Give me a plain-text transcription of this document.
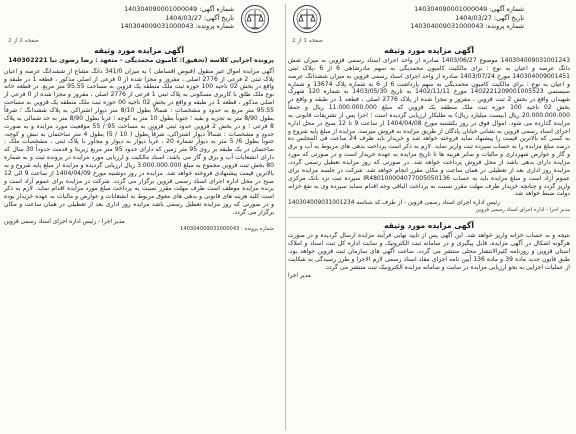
شماره آگهی: 140304090001000049
تاریخ آگهی: 1404/03/27
شماره پرونده: 140304009031000043
صفحه 1 از 2
آگهی مزایده مورد وثیقه

140304009031001243 موضوع 1403/06/27 صادره از واحد اجرای اسناد رسمی قزوین به میزان شش دانگ عرصه و اعیان به نوع : برای مالکیت کامیون محمدیگی به سهم مادرشاهی 6 از 6 ،پلاک ثبتی 140304009001451 مورخ 1403/07/24 صادره از واحد اجرای اسناد رسمی قزوین به میزان ششدانگ عرصه و اعیان به نوع : برای مالکیت کامیون محمدیگی به سهم پارداشت 6 از 6 به شماره پلاک 13674 و شماره سیستمی 1402221209001005523 مورخ 1402/11/11 به تاریخ 1403/05/30 به شماره 120 شهرک شهیدان واقع در بخش 2 ثبت قزوین ، مفروز و مجزا شده از پلاک 2776 اصلی ، قطعه 1 در طبقه و واقع در بخش 02 ناحیه 100 حوزه ثبت ملک منطقه یک قزوین که مبلغ 11.000.000.000 ریال و جمعاً 20.000.000.000 ریال (بیست میلیارد ریال) به طلبکار ارزیابی گردیده است ؛ اجرا پس از تشریفات قانونی به مزایده گذارده می شود. اموال فوق در روز یکشنبه مورخ 1404/04/08 از ساعت 9 تا 12 صبح در محل اداره اجرای اسناد رسمی قزوین به نشانی خیابان پادگان از طریق مزایده به فروش میرسد. مزایده از مبلغ پایه شروع و به کسی که بالاترین قیمت را پیشنهاد نماید فروخته خواهد شد و خریدار باید ظرف 24 ساعت فی المجلس ده درصد مبلغ مزایده را به حساب سپرده ثبت واریز نماید. لازم به ذکر است پرداخت بدهی های مربوط به آب و برق و گاز و عوارض شهرداری و مالیات و سایر هزینه ها تا تاریخ مزایده به عهده خریدار است و در صورتی که مورد مزایده دارای بدهی باشد از محل فروش پرداخت خواهد شد. در صورتی که روز مزایده تعطیل رسمی گردد، مزایده روز اداری بعد از تعطیلی در همان ساعت و مکان مقرر انجام خواهد شد. شرکت در جلسه مزایده برای عموم آزاد است و مبلغ مزایده باید به حساب IR480100004077005050136 سپرده ثبت نزد بانک مرکزی واریز گردد و چنانچه خریدار ظرف مهلت مقرر نسبت به پرداخت الباقی وجه اقدام ننماید سپرده وی به نفع خزانه دولت ضبط خواهد شد.

رئیس اداره اجرای اسناد رسمی قزوین - از طرف کد شناسه 140304009031001234
مدیر اجرا - اداره اجرای اسناد رسمی قزوین
آگهی مزایده مورد وثیقه

نتیجه و به حساب خزانه واریز خواهد شد. این آگهی پس از تایید نهایی فرآیند مزایده ارسال گردیده و در صورت هرگونه اشکال در آگهی مزایده، قابل پیگیری و در سامانه ثبت الکترونیک و سایت اداره کل ثبت اسناد و املاک استان قزوین و روزنامه کثیرالانتشار محلی منتشر می گردد. ساعت آگهی های سازمان ثبت قزوین خواهد بود. طبق قانون جدید ماده 39 و ماده 136 آیین نامه اجرای مفاد اسناد رسمی لازم الاجرا و طرز رسیدگی به شکایت از عملیات اجرایی به نحو ارزیابی مزایده در سایت و سامانه مزایده الکترونیک ثبت منتشر می گردد.

مدیر اجرا
شماره آگهی: 140304090001000049
تاریخ آگهی: 1404/03/27
شماره پرونده: 140304009031000043
صفحه 2 از 2
آگهی مزایده مورد وثیقه
پرونده اجرایی کلاسه (تحقیق): کامیون محمدیگی - متعهد : رضا رضوی نیا 140302221

آگهی مزایده اموال غیر منقول (قبوض اقساطی ) به میزان 341/0 دانگ مشاع از ششدانگ عرصه و اعیان پلاک ثبتی 2 فرعی از 2776 اصلی ، مفروز و مجزا شده از 0 فرعی از اصلی مذکور ، قطعه 1 در طبقه و واقع در بخش 02 ناحیه 100 حوزه ثبت ملک منطقه یک قزوین به مساحت 95.55 متر مربع. در قطعه خانه نوع ملک طلق با کاربری مسکونی به پلاک ثبتی 1 فرعی از 2776 اصلی ، مفروز و مجزا شده از 0 فرعی از اصلی مذکور ، قطعه 1 در طبقه و واقع در بخش 02 ناحیه 00 حوزه ثبت ملک منطقه یک قزوین به مساحت 95.55 متر مربع به حدود و مشخصات : شمالاً بطول 8/10 متر دیوار اشتراکی به پلاک ششدانگ ؛ شرقاً بطول 8/90 متر به تجزیه و بقیه ؛ جنوباً بطول 10 متر به کوچه ؛ غرباً بطول 8/90 متر به حد شمالی به پلاک 8 فرعی ؛ و در بخش 2 قزوین حدود ثبتی قزوین به مساحت 95 / 55 موقعیت مورد مزایده و به صورت حدود و مشخصات : شمالاً دیوار اشتراکی، شرقاً بطول ( 10 / 5) بطول 4 متر ساختمان به نبش و کوچه، جنوباً بطول 6/ 5 متر به دیوار شماره 20 ، غرباً دیوار به دیوار و مجاور با پلاک ثبتی ، مشخصات ملک : ساختمان در یک طبقه بر روی 95 متر زمین که دارای حدود 95 متر مربع زیربنا و قدمت حدوداً 30 سال که دارای انشعابات آب و برق و گاز می باشد. اسناد مالکیت و ارزیابی مورد مزایده در پرونده ثبت و به شماره 80 بخش ثبت قزوین مجموع به مبلغ 3.000.000.000 ریال ارزیابی گردیده و مزایده از مبلغ پایه شروع و به بالاترین قیمت پیشنهادی فروخته خواهد شد. مزایده در روز دوشنبه مورخ 1404/04/09 از ساعت 9 الی 12 صبح در محل اداره اجرای اسناد رسمی قزوین برگزار می گردد. شرکت در مزایده برای عموم آزاد است و برنده مزایده موظف است ظرف مهلت مقرر نسبت به پرداخت مبلغ مورد مزایده اقدام نماید. لازم به ذکر است کلیه هزینه های قانونی و بدهی های معوق مربوط به انشعابات و عوارض و مالیات به عهده خریدار بوده و در صورتی که روز مزایده تعطیل رسمی باشد مزایده روز اداری بعد از تعطیلی در همان ساعت و مکان برگزار می گردد.

مدیر اجرا - رئیس اداره اجرای اسناد رسمی قزوین
شماره پرونده : 140304009031000043
